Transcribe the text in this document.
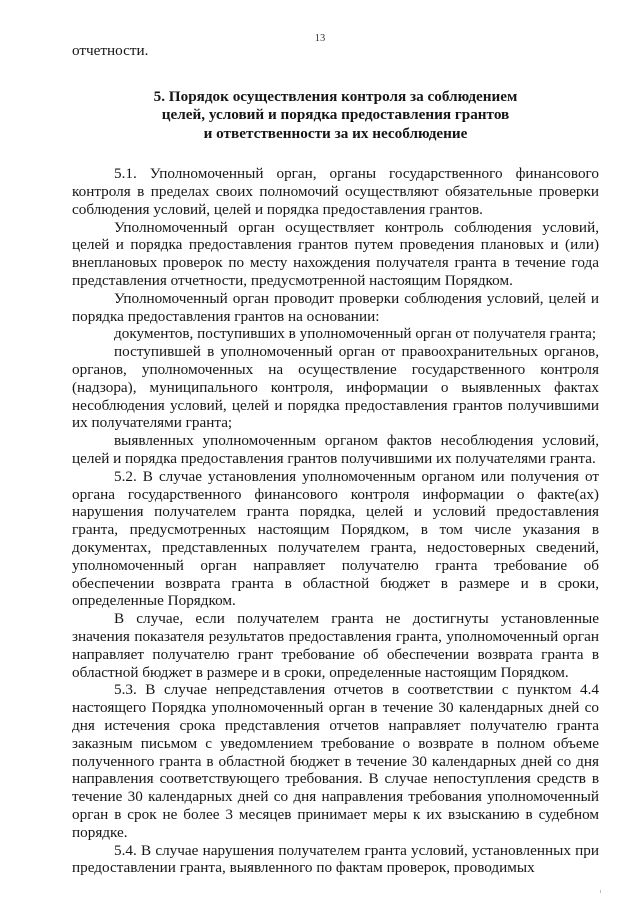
13

отчетности.

5. Порядок осуществления контроля за соблюдением
целей, условий и порядка предоставления грантов
и ответственности за их несоблюдение

5.1. Уполномоченный орган, органы государственного финансового контроля в пределах своих полномочий осуществляют обязательные проверки соблюдения условий, целей и порядка предоставления грантов.

Уполномоченный орган осуществляет контроль соблюдения условий, целей и порядка предоставления грантов путем проведения плановых и (или) внеплановых проверок по месту нахождения получателя гранта в течение года представления отчетности, предусмотренной настоящим Порядком.

Уполномоченный орган проводит проверки соблюдения условий, целей и порядка предоставления грантов на основании:

документов, поступивших в уполномоченный орган от получателя гранта;

поступившей в уполномоченный орган от правоохранительных органов, органов, уполномоченных на осуществление государственного контроля (надзора), муниципального контроля, информации о выявленных фактах несоблюдения условий, целей и порядка предоставления грантов получившими их получателями гранта;

выявленных уполномоченным органом фактов несоблюдения условий, целей и порядка предоставления грантов получившими их получателями гранта.

5.2. В случае установления уполномоченным органом или получения от органа государственного финансового контроля информации о факте(ах) нарушения получателем гранта порядка, целей и условий предоставления гранта, предусмотренных настоящим Порядком, в том числе указания в документах, представленных получателем гранта, недостоверных сведений, уполномоченный орган направляет получателю гранта требование об обеспечении возврата гранта в областной бюджет в размере и в сроки, определенные Порядком.

В случае, если получателем гранта не достигнуты установленные значения показателя результатов предоставления гранта, уполномоченный орган направляет получателю грант требование об обеспечении возврата гранта в областной бюджет в размере и в сроки, определенные настоящим Порядком.

5.3. В случае непредставления отчетов в соответствии с пунктом 4.4 настоящего Порядка уполномоченный орган в течение 30 календарных дней со дня истечения срока представления отчетов направляет получателю гранта заказным письмом с уведомлением требование о возврате в полном объеме полученного гранта в областной бюджет в течение 30 календарных дней со дня направления соответствующего требования. В случае непоступления средств в течение 30 календарных дней со дня направления требования уполномоченный орган в срок не более 3 месяцев принимает меры к их взысканию в судебном порядке.

5.4. В случае нарушения получателем гранта условий, установленных при предоставлении гранта, выявленного по фактам проверок, проводимых
